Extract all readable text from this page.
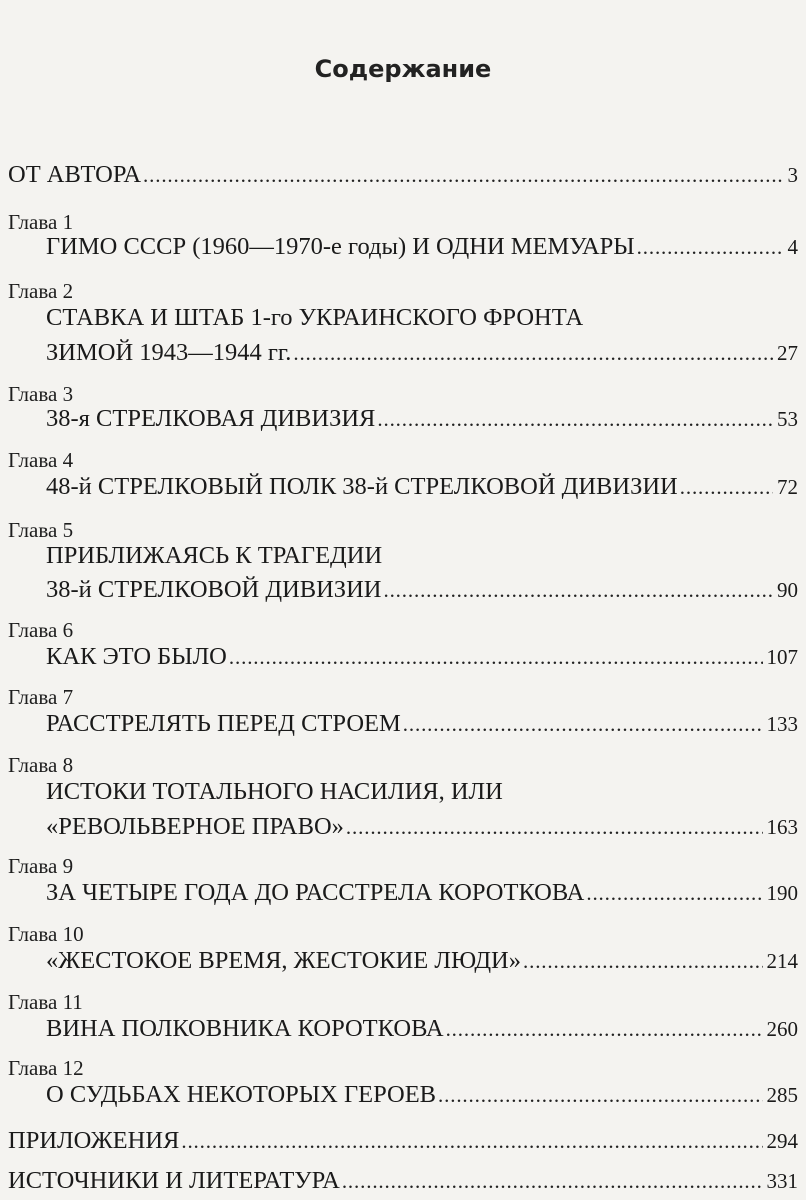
Содержание
ОТ АВТОРА . . .	3
Глава 1
ГИМО СССР (1960—1970-е годы) И ОДНИ МЕМУАРЫ . . .	4
Глава 2
СТАВКА И ШТАБ 1-го УКРАИНСКОГО ФРОНТА
ЗИМОЙ 1943—1944 гг. . . .	27
Глава 3
38-я СТРЕЛКОВАЯ ДИВИЗИЯ . . .	53
Глава 4
48-й СТРЕЛКОВЫЙ ПОЛК 38-й СТРЕЛКОВОЙ ДИВИЗИИ . . .	72
Глава 5
ПРИБЛИЖАЯСЬ К ТРАГЕДИИ
38-й СТРЕЛКОВОЙ ДИВИЗИИ . . .	90
Глава 6
КАК ЭТО БЫЛО . . .	107
Глава 7
РАССТРЕЛЯТЬ ПЕРЕД СТРОЕМ . . .	133
Глава 8
ИСТОКИ ТОТАЛЬНОГО НАСИЛИЯ, ИЛИ
«РЕВОЛЬВЕРНОЕ ПРАВО» . . .	163
Глава 9
ЗА ЧЕТЫРЕ ГОДА ДО РАССТРЕЛА КОРОТКОВА . . .	190
Глава 10
«ЖЕСТОКОЕ ВРЕМЯ, ЖЕСТОКИЕ ЛЮДИ» . . .	214
Глава 11
ВИНА ПОЛКОВНИКА КОРОТКОВА . . .	260
Глава 12
О СУДЬБАХ НЕКОТОРЫХ ГЕРОЕВ . . .	285
ПРИЛОЖЕНИЯ . . .	294
ИСТОЧНИКИ И ЛИТЕРАТУРА . . .	331
